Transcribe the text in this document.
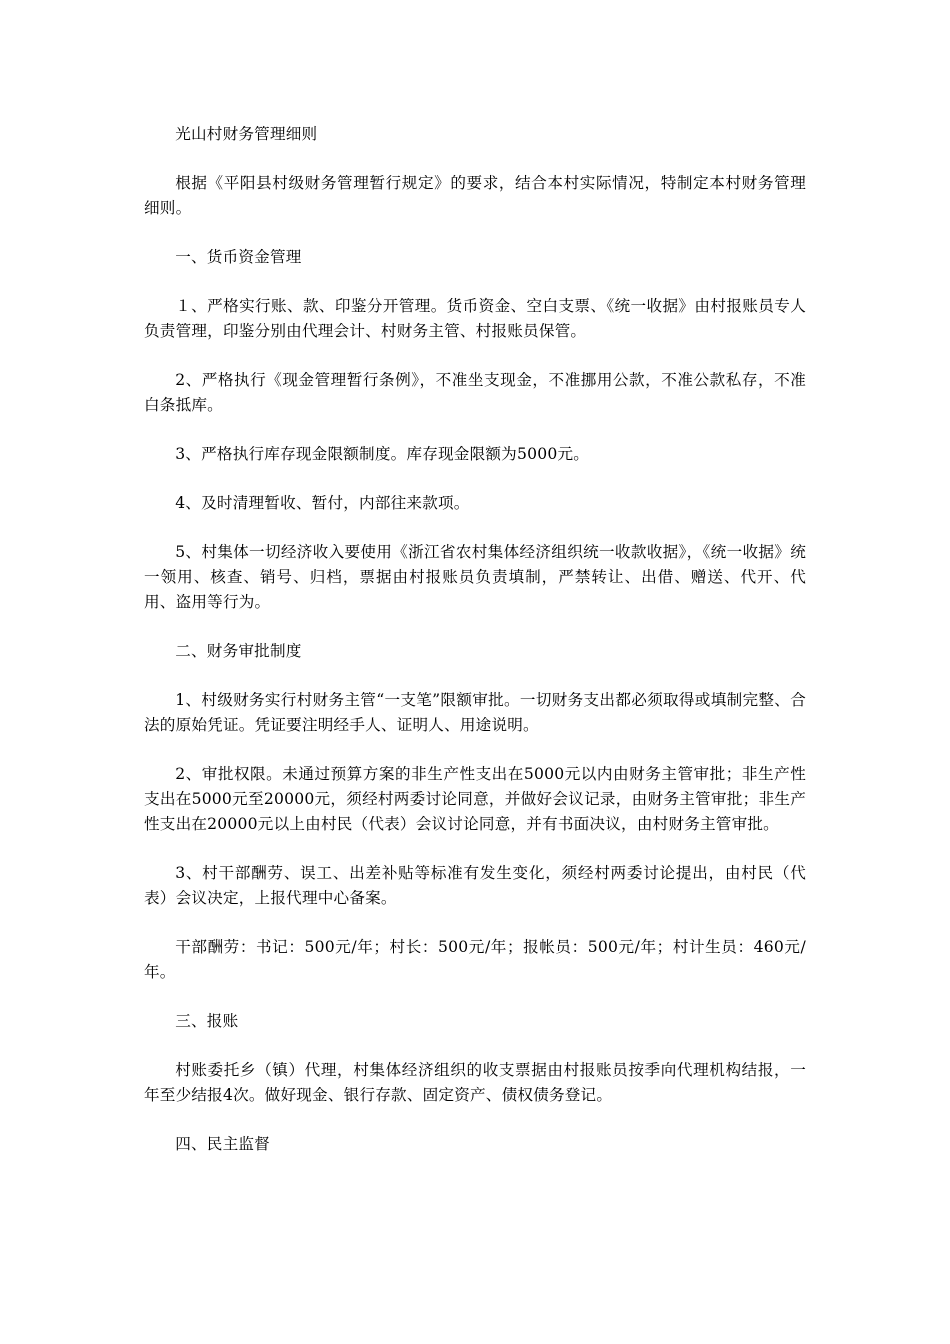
光山村财务管理细则

根据《平阳县村级财务管理暂行规定》的要求，结合本村实际情况，特制定本村财务管理细则。

一、货币资金管理

１、严格实行账、款、印鉴分开管理。货币资金、空白支票、《统一收据》由村报账员专人负责管理，印鉴分别由代理会计、村财务主管、村报账员保管。

2、严格执行《现金管理暂行条例》，不准坐支现金，不准挪用公款，不准公款私存，不准白条抵库。

3、严格执行库存现金限额制度。库存现金限额为5000元。

4、及时清理暂收、暂付，内部往来款项。

5、村集体一切经济收入要使用《浙江省农村集体经济组织统一收款收据》，《统一收据》统一领用、核查、销号、归档，票据由村报账员负责填制，严禁转让、出借、赠送、代开、代用、盗用等行为。

二、财务审批制度

1、村级财务实行村财务主管“一支笔”限额审批。一切财务支出都必须取得或填制完整、合法的原始凭证。凭证要注明经手人、证明人、用途说明。

2、审批权限。未通过预算方案的非生产性支出在5000元以内由财务主管审批；非生产性支出在5000元至20000元，须经村两委讨论同意，并做好会议记录，由财务主管审批；非生产性支出在20000元以上由村民（代表）会议讨论同意，并有书面决议，由村财务主管审批。

3、村干部酬劳、误工、出差补贴等标准有发生变化，须经村两委讨论提出，由村民（代表）会议决定，上报代理中心备案。

干部酬劳：书记：500元/年；村长：500元/年；报帐员：500元/年；村计生员：460元/年。

三、报账

村账委托乡（镇）代理，村集体经济组织的收支票据由村报账员按季向代理机构结报，一年至少结报4次。做好现金、银行存款、固定资产、债权债务登记。

四、民主监督
